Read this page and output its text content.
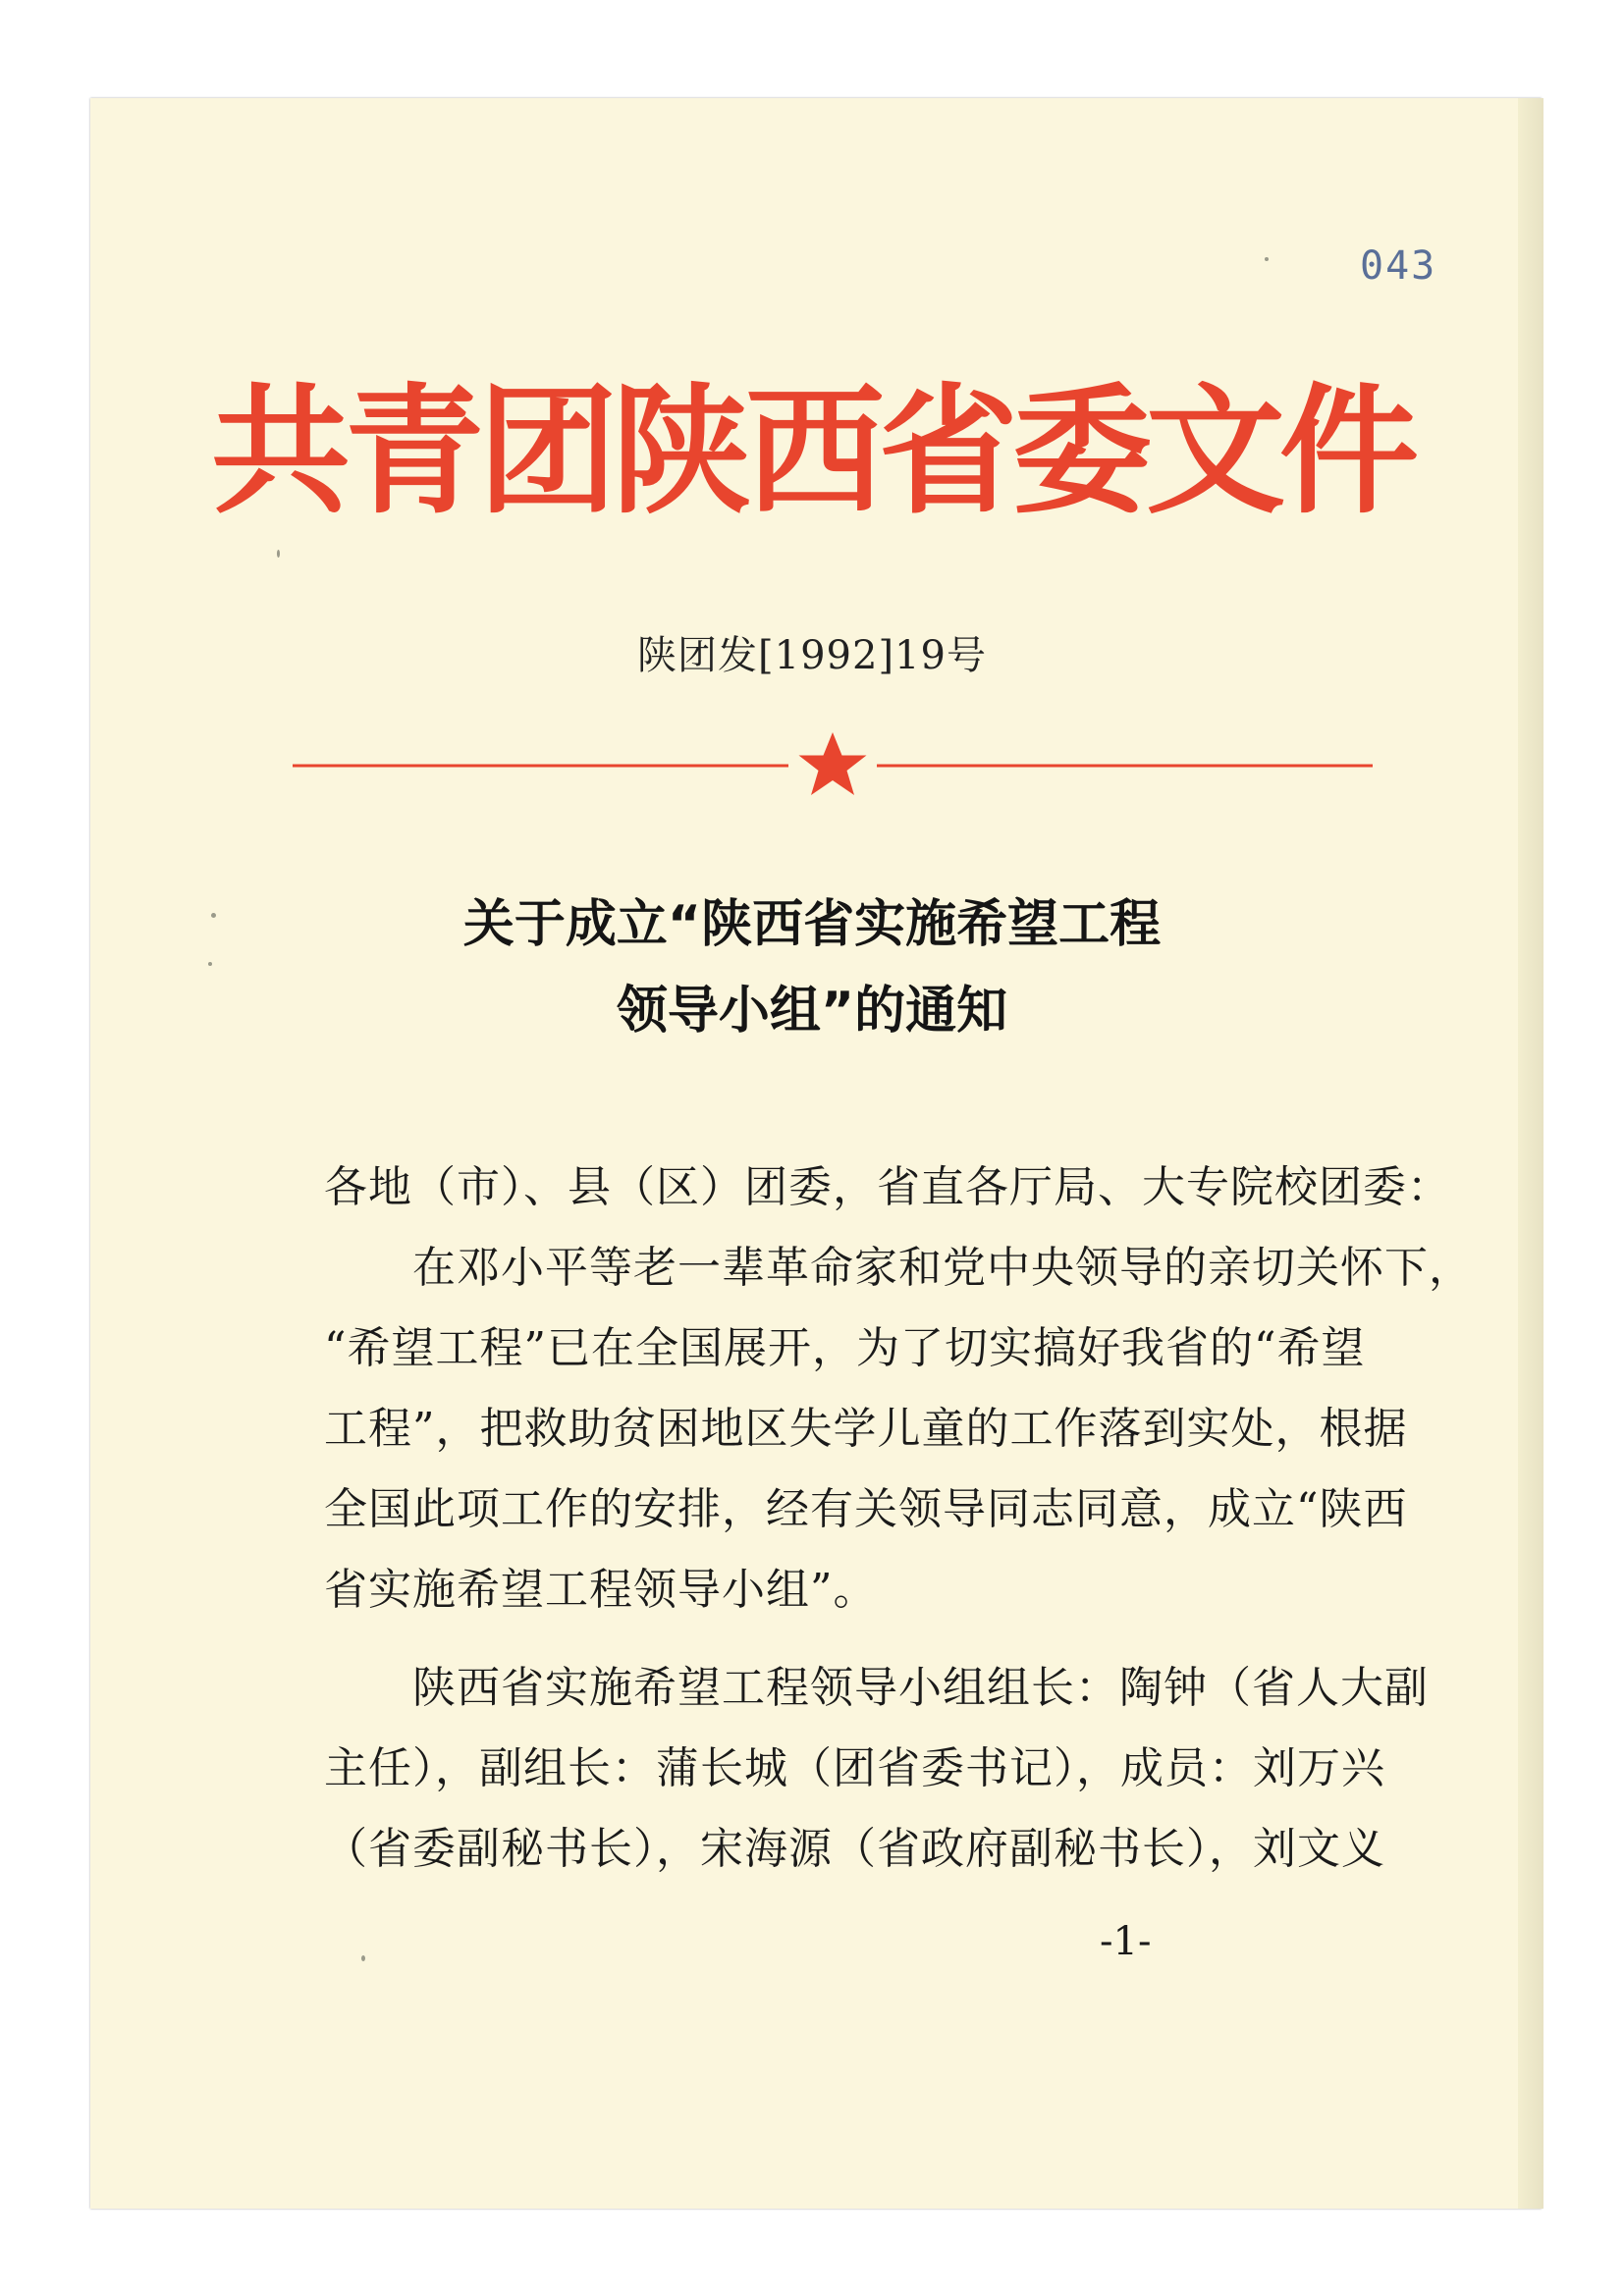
043
共青团陕西省委文件
陕团发[1992]19号
关于成立“陕西省实施希望工程
领导小组”的通知
各地（市）、县（区）团委，省直各厅局、大专院校团委：
　　在邓小平等老一辈革命家和党中央领导的亲切关怀下，
“希望工程”已在全国展开，为了切实搞好我省的“希望
工程”，把救助贫困地区失学儿童的工作落到实处，根据
全国此项工作的安排，经有关领导同志同意，成立“陕西
省实施希望工程领导小组”。
　　陕西省实施希望工程领导小组组长：陶钟（省人大副
主任），副组长：蒲长城（团省委书记），成员：刘万兴
（省委副秘书长），宋海源（省政府副秘书长），刘文义
-1-
